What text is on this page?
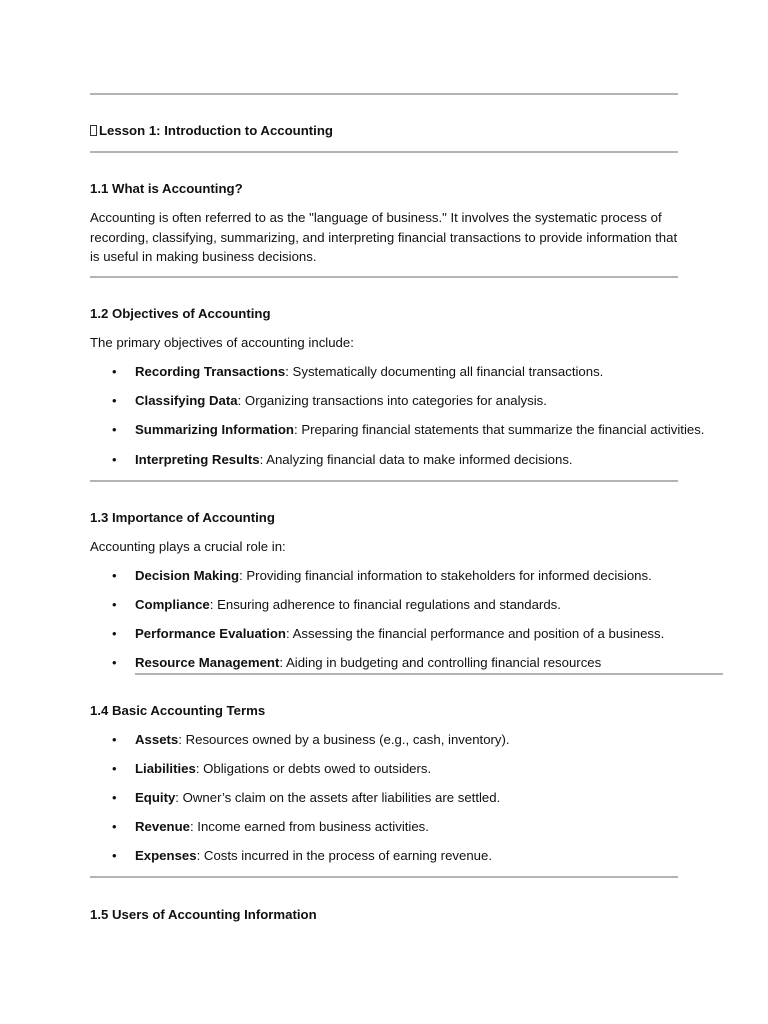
Lesson 1: Introduction to Accounting
1.1 What is Accounting?
Accounting is often referred to as the "language of business." It involves the systematic process of recording, classifying, summarizing, and interpreting financial transactions to provide information that is useful in making business decisions.
1.2 Objectives of Accounting
The primary objectives of accounting include:
• Recording Transactions: Systematically documenting all financial transactions.
• Classifying Data: Organizing transactions into categories for analysis.
• Summarizing Information: Preparing financial statements that summarize the financial activities.
• Interpreting Results: Analyzing financial data to make informed decisions.
1.3 Importance of Accounting
Accounting plays a crucial role in:
• Decision Making: Providing financial information to stakeholders for informed decisions.
• Compliance: Ensuring adherence to financial regulations and standards.
• Performance Evaluation: Assessing the financial performance and position of a business.
• Resource Management: Aiding in budgeting and controlling financial resources
1.4 Basic Accounting Terms
• Assets: Resources owned by a business (e.g., cash, inventory).
• Liabilities: Obligations or debts owed to outsiders.
• Equity: Owner’s claim on the assets after liabilities are settled.
• Revenue: Income earned from business activities.
• Expenses: Costs incurred in the process of earning revenue.
1.5 Users of Accounting Information
